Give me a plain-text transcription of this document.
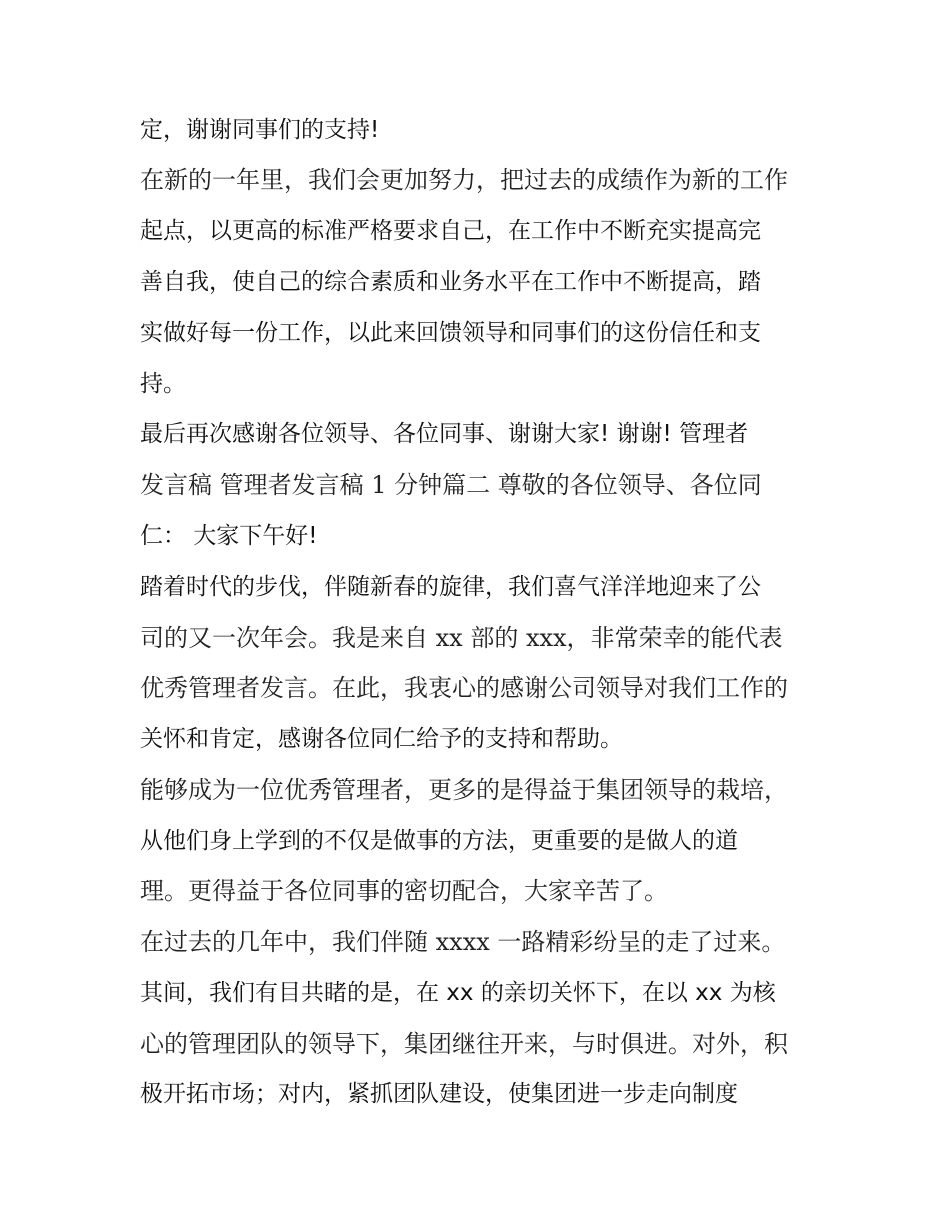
定，谢谢同事们的支持!
在新的一年里，我们会更加努力，把过去的成绩作为新的工作
起点，以更高的标准严格要求自己，在工作中不断充实提高完
善自我，使自己的综合素质和业务水平在工作中不断提高，踏
实做好每一份工作，以此来回馈领导和同事们的这份信任和支
持。
最后再次感谢各位领导、各位同事、谢谢大家! 谢谢! 管理者
发言稿 管理者发言稿 1 分钟篇二 尊敬的各位领导、各位同
仁： 大家下午好!
踏着时代的步伐，伴随新春的旋律，我们喜气洋洋地迎来了公
司的又一次年会。我是来自 xx 部的 xxx，非常荣幸的能代表
优秀管理者发言。在此，我衷心的感谢公司领导对我们工作的
关怀和肯定，感谢各位同仁给予的支持和帮助。
能够成为一位优秀管理者，更多的是得益于集团领导的栽培，
从他们身上学到的不仅是做事的方法，更重要的是做人的道
理。更得益于各位同事的密切配合，大家辛苦了。
在过去的几年中，我们伴随 xxxx 一路精彩纷呈的走了过来。
其间，我们有目共睹的是，在 xx 的亲切关怀下，在以 xx 为核
心的管理团队的领导下，集团继往开来，与时俱进。对外，积
极开拓市场；对内，紧抓团队建设，使集团进一步走向制度
